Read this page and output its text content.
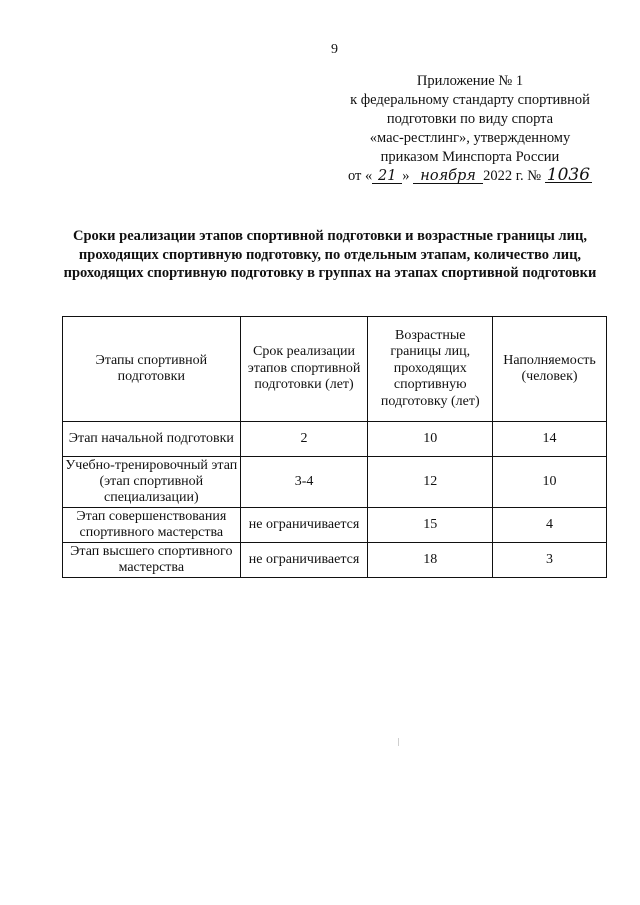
9
Приложение № 1
к федеральному стандарту спортивной
подготовки по виду спорта
«мас-рестлинг», утвержденному
приказом Минспорта России
от « 21 » ноября 2022 г. № 1036
Сроки реализации этапов спортивной подготовки и возрастные границы лиц, проходящих спортивную подготовку, по отдельным этапам, количество лиц, проходящих спортивную подготовку в группах на этапах спортивной подготовки
Этапы спортивной подготовки	Срок реализации этапов спортивной подготовки (лет)	Возрастные границы лиц, проходящих спортивную подготовку (лет)	Наполняемость (человек)
Этап начальной подготовки	2	10	14
Учебно-тренировочный этап (этап спортивной специализации)	3-4	12	10
Этап совершенствования спортивного мастерства	не ограничивается	15	4
Этап высшего спортивного мастерства	не ограничивается	18	3
